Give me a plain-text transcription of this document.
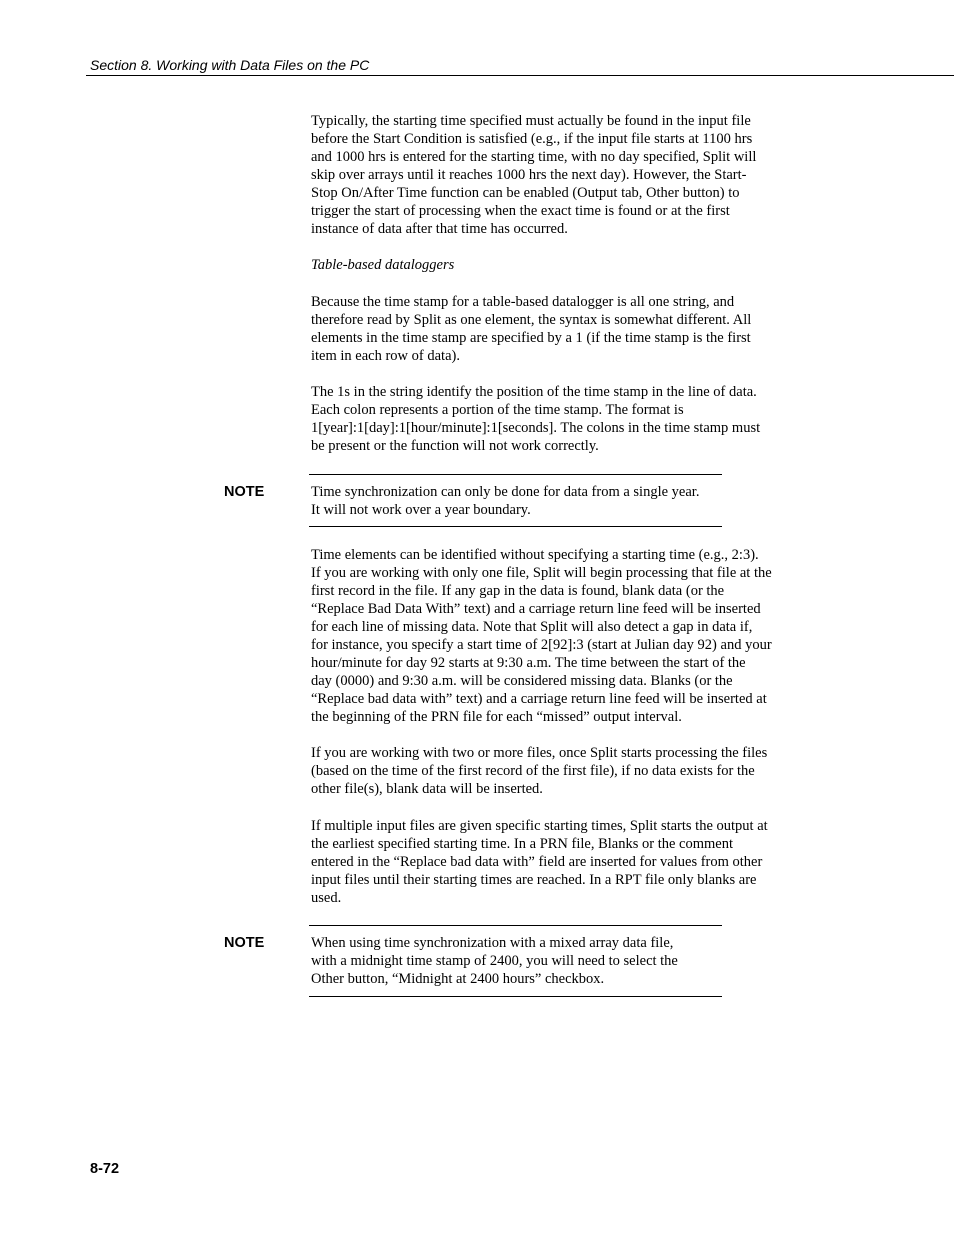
Section 8. Working with Data Files on the PC
Typically, the starting time specified must actually be found in the input file
before the Start Condition is satisfied (e.g., if the input file starts at 1100 hrs
and 1000 hrs is entered for the starting time, with no day specified, Split will
skip over arrays until it reaches 1000 hrs the next day). However, the Start-
Stop On/After Time function can be enabled (Output tab, Other button) to
trigger the start of processing when the exact time is found or at the first
instance of data after that time has occurred.
Table-based dataloggers
Because the time stamp for a table-based datalogger is all one string, and
therefore read by Split as one element, the syntax is somewhat different. All
elements in the time stamp are specified by a 1 (if the time stamp is the first
item in each row of data).
The 1s in the string identify the position of the time stamp in the line of data.
Each colon represents a portion of the time stamp. The format is
1[year]:1[day]:1[hour/minute]:1[seconds]. The colons in the time stamp must
be present or the function will not work correctly.
NOTE	Time synchronization can only be done for data from a single year.
It will not work over a year boundary.
Time elements can be identified without specifying a starting time (e.g., 2:3).
If you are working with only one file, Split will begin processing that file at the
first record in the file. If any gap in the data is found, blank data (or the
“Replace Bad Data With” text) and a carriage return line feed will be inserted
for each line of missing data. Note that Split will also detect a gap in data if,
for instance, you specify a start time of 2[92]:3 (start at Julian day 92) and your
hour/minute for day 92 starts at 9:30 a.m. The time between the start of the
day (0000) and 9:30 a.m. will be considered missing data. Blanks (or the
“Replace bad data with” text) and a carriage return line feed will be inserted at
the beginning of the PRN file for each “missed” output interval.
If you are working with two or more files, once Split starts processing the files
(based on the time of the first record of the first file), if no data exists for the
other file(s), blank data will be inserted.
If multiple input files are given specific starting times, Split starts the output at
the earliest specified starting time. In a PRN file, Blanks or the comment
entered in the “Replace bad data with” field are inserted for values from other
input files until their starting times are reached. In a RPT file only blanks are
used.
NOTE	When using time synchronization with a mixed array data file,
with a midnight time stamp of 2400, you will need to select the
Other button, “Midnight at 2400 hours” checkbox.
8-72
